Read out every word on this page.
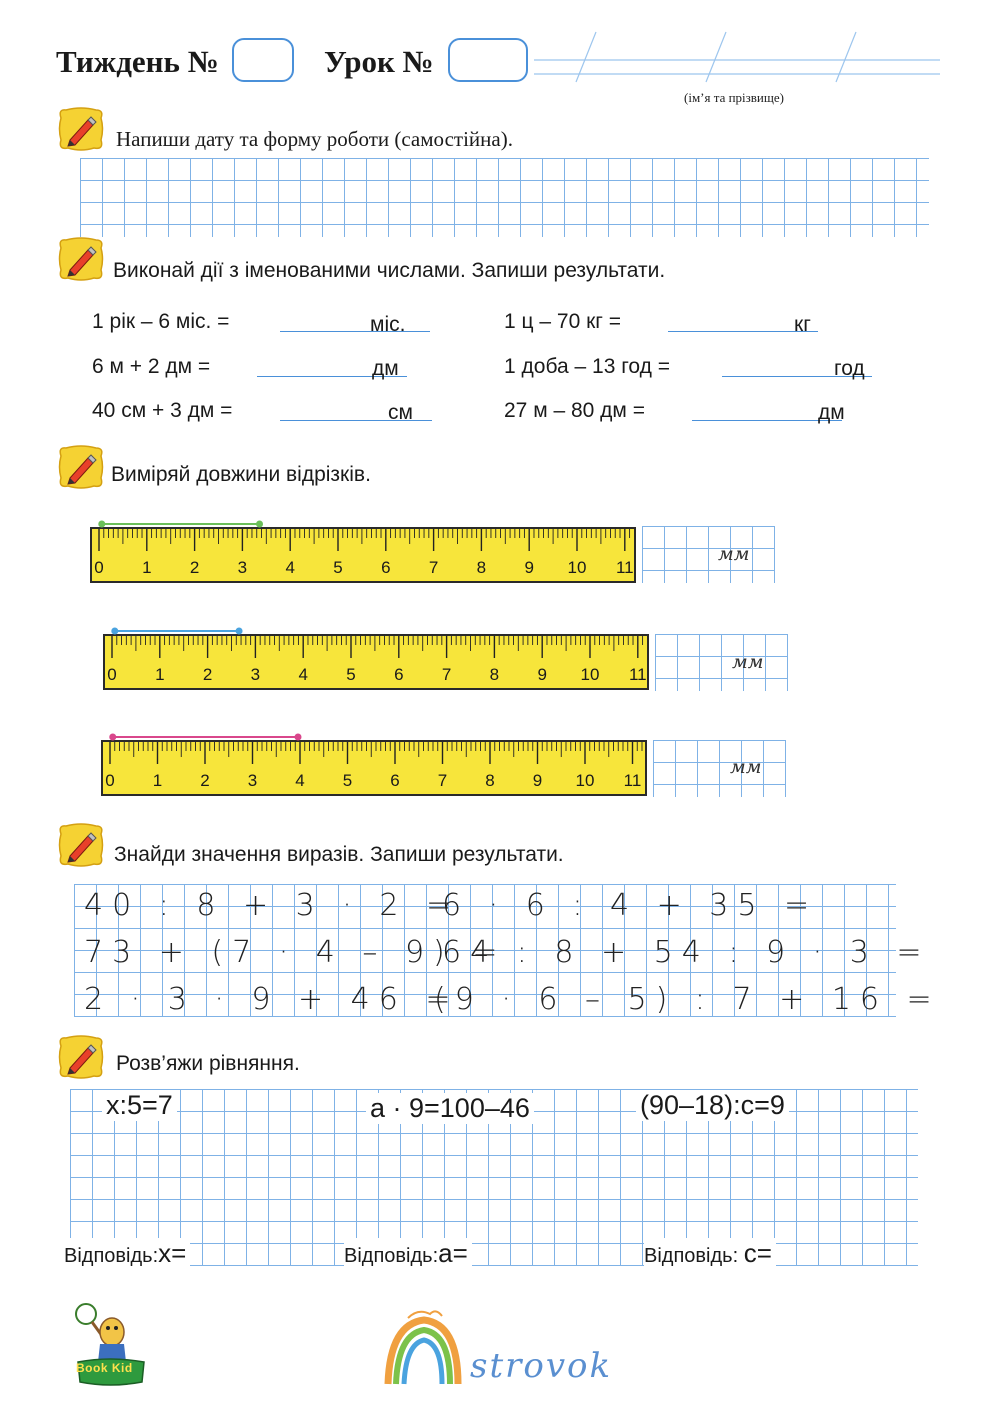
Тиждень №	Урок №
(ім’я та прізвище)
Напиши дату та форму роботи (самостійна).
Виконай дії з іменованими числами. Запиши результати.
1 рік – 6 міс. =	міс.	1 ц – 70 кг =	кг
6 м + 2 дм =	дм	1 доба – 13 год =	год
40 см + 3 дм =	см	27 м – 80 дм =	дм
Виміряй довжини відрізків.
0 1 2 3 4 5 6 7 8 9 10 11
мм
0 1 2 3 4 5 6 7 8 9 10 11
мм
0 1 2 3 4 5 6 7 8 9 10 11
мм
Знайди значення виразів. Запиши результати.
40 : 8 + 3 · 2 =
6 · 6 : 4 + 35 =
73 + (7 · 4 – 9) =
64 : 8 + 54 : 9 · 3 =
2 · 3 · 9 + 46 =
(9 · 6 – 5) : 7 + 16 =
Розв’яжи рівняння.
x:5=7	a · 9=100–46	(90–18):c=9
Відповідь:x=	Відповідь:a=	Відповідь: c=
Book Kid	strovok
